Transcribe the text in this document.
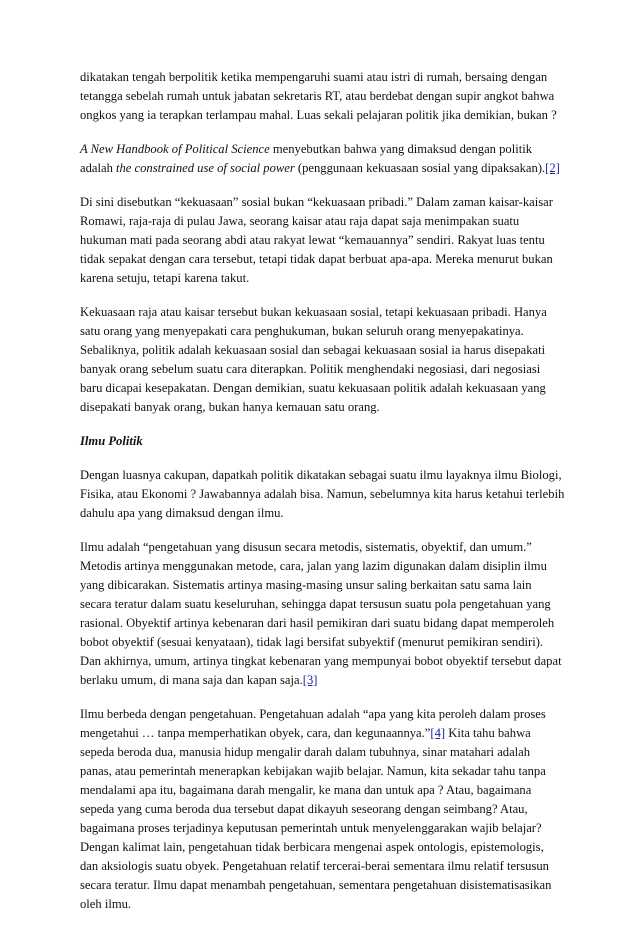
dikatakan tengah berpolitik ketika mempengaruhi suami atau istri di rumah, bersaing dengan tetangga sebelah rumah untuk jabatan sekretaris RT, atau berdebat dengan supir angkot bahwa ongkos yang ia terapkan terlampau mahal. Luas sekali pelajaran politik jika demikian, bukan ?

A New Handbook of Political Science menyebutkan bahwa yang dimaksud dengan politik adalah the constrained use of social power (penggunaan kekuasaan sosial yang dipaksakan).[2]

Di sini disebutkan “kekuasaan” sosial bukan “kekuasaan pribadi.” Dalam zaman kaisar-kaisar Romawi, raja-raja di pulau Jawa, seorang kaisar atau raja dapat saja menimpakan suatu hukuman mati pada seorang abdi atau rakyat lewat “kemauannya” sendiri. Rakyat luas tentu tidak sepakat dengan cara tersebut, tetapi tidak dapat berbuat apa-apa. Mereka menurut bukan karena setuju, tetapi karena takut.

Kekuasaan raja atau kaisar tersebut bukan kekuasaan sosial, tetapi kekuasaan pribadi. Hanya satu orang yang menyepakati cara penghukuman, bukan seluruh orang menyepakatinya. Sebaliknya, politik adalah kekuasaan sosial dan sebagai kekuasaan sosial ia harus disepakati banyak orang sebelum suatu cara diterapkan. Politik menghendaki negosiasi, dari negosiasi baru dicapai kesepakatan. Dengan demikian, suatu kekuasaan politik adalah kekuasaan yang disepakati banyak orang, bukan hanya kemauan satu orang.

Ilmu Politik

Dengan luasnya cakupan, dapatkah politik dikatakan sebagai suatu ilmu layaknya ilmu Biologi, Fisika, atau Ekonomi ? Jawabannya adalah bisa. Namun, sebelumnya kita harus ketahui terlebih dahulu apa yang dimaksud dengan ilmu.

Ilmu adalah “pengetahuan yang disusun secara metodis, sistematis, obyektif, dan umum.” Metodis artinya menggunakan metode, cara, jalan yang lazim digunakan dalam disiplin ilmu yang dibicarakan. Sistematis artinya masing-masing unsur saling berkaitan satu sama lain secara teratur dalam suatu keseluruhan, sehingga dapat tersusun suatu pola pengetahuan yang rasional. Obyektif artinya kebenaran dari hasil pemikiran dari suatu bidang dapat memperoleh bobot obyektif (sesuai kenyataan), tidak lagi bersifat subyektif (menurut pemikiran sendiri). Dan akhirnya, umum, artinya tingkat kebenaran yang mempunyai bobot obyektif tersebut dapat berlaku umum, di mana saja dan kapan saja.[3]

Ilmu berbeda dengan pengetahuan. Pengetahuan adalah “apa yang kita peroleh dalam proses mengetahui … tanpa memperhatikan obyek, cara, dan kegunaannya.”[4] Kita tahu bahwa sepeda beroda dua, manusia hidup mengalir darah dalam tubuhnya, sinar matahari adalah panas, atau pemerintah menerapkan kebijakan wajib belajar. Namun, kita sekadar tahu tanpa mendalami apa itu, bagaimana darah mengalir, ke mana dan untuk apa ? Atau, bagaimana sepeda yang cuma beroda dua tersebut dapat dikayuh seseorang dengan seimbang? Atau, bagaimana proses terjadinya keputusan pemerintah untuk menyelenggarakan wajib belajar? Dengan kalimat lain, pengetahuan tidak berbicara mengenai aspek ontologis, epistemologis, dan aksiologis suatu obyek. Pengetahuan relatif tercerai-berai sementara ilmu relatif tersusun secara teratur. Ilmu dapat menambah pengetahuan, sementara pengetahuan disistematisasikan oleh ilmu.
